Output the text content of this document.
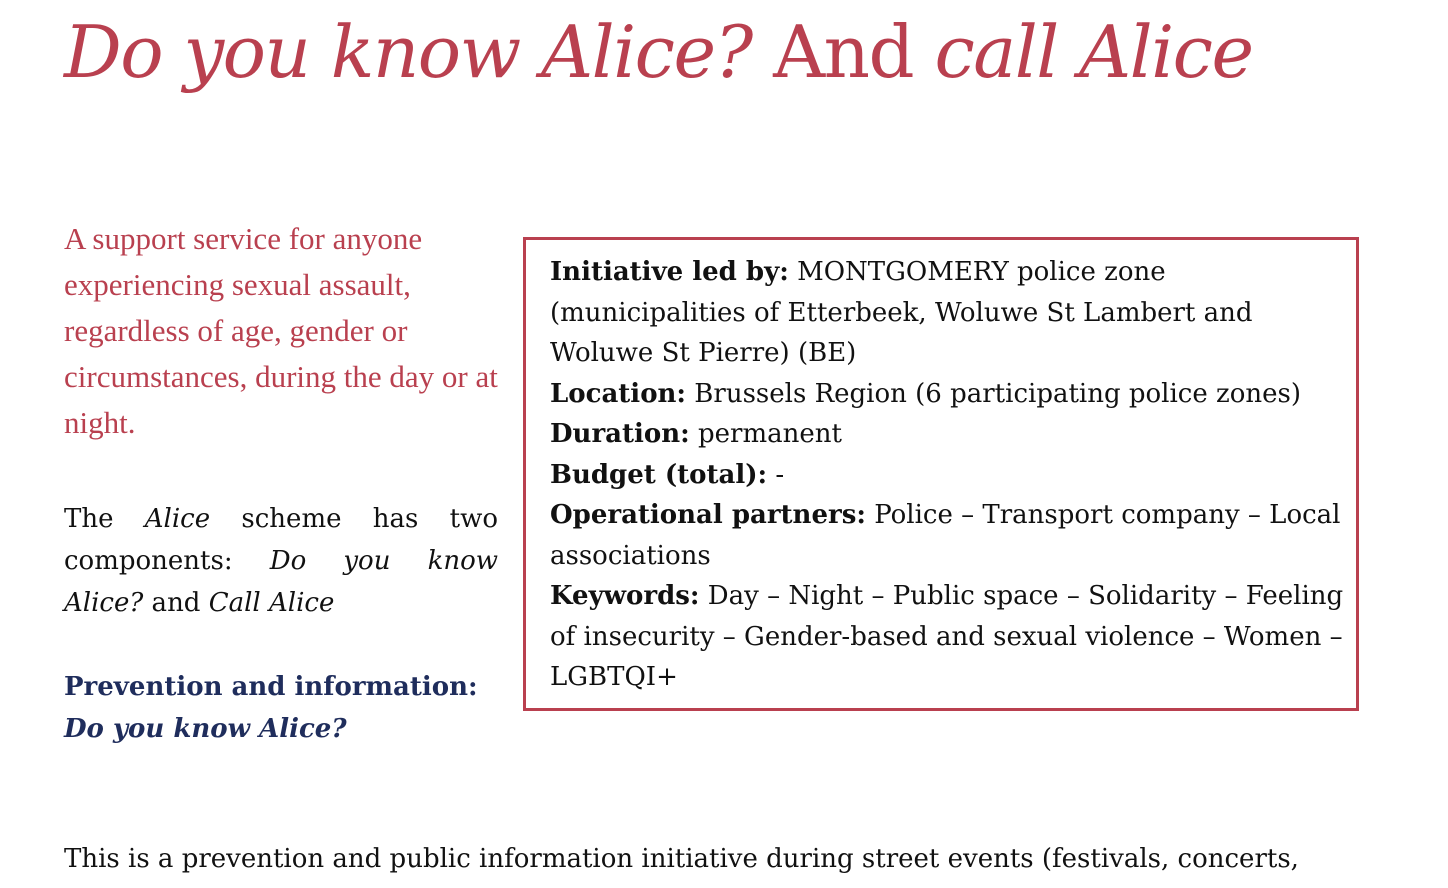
Do you know Alice? And call Alice

A support service for anyone experiencing sexual assault, regardless of age, gender or circumstances, during the day or at night.

The Alice scheme has two components: Do you know Alice? and Call Alice

Prevention and information: Do you know Alice?

Initiative led by: MONTGOMERY police zone (municipalities of Etterbeek, Woluwe St Lambert and Woluwe St Pierre) (BE)

Location: Brussels Region (6 participating police zones)

Duration: permanent

Budget (total): -

Operational partners: Police – Transport company – Local associations

Keywords: Day – Night – Public space – Solidarity – Feeling of insecurity – Gender-based and sexual violence – Women – LGBTQI+

This is a prevention and public information initiative during street events (festivals, concerts,
